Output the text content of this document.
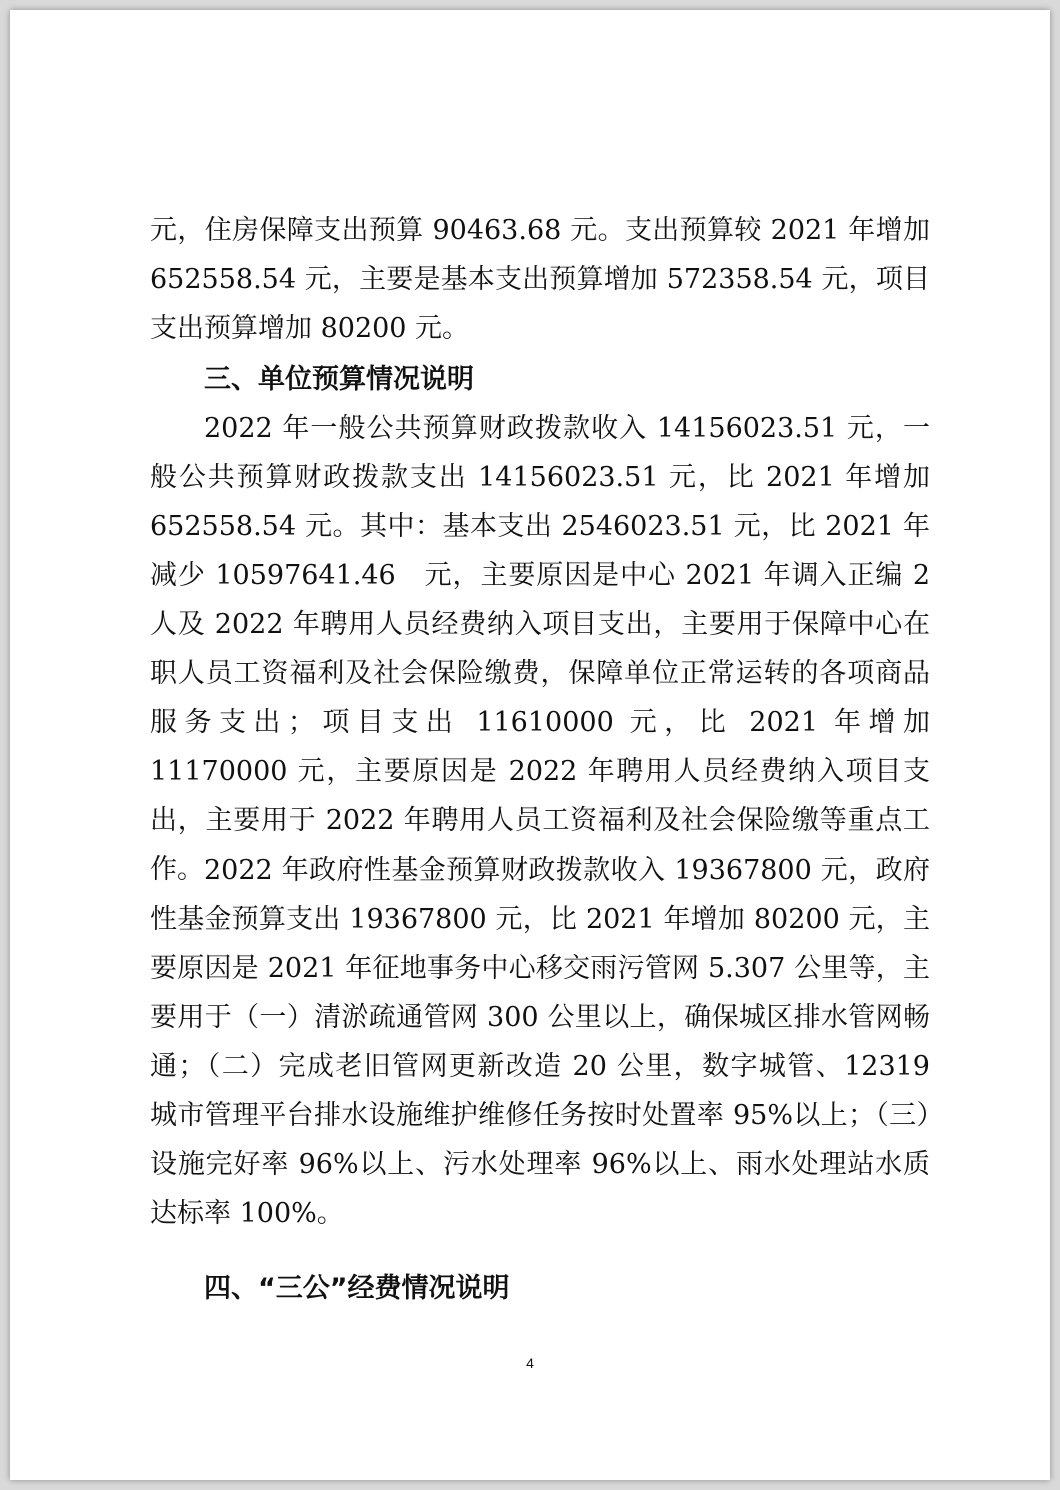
元，住房保障支出预算 90463.68 元。支出预算较 2021 年增加 652558.54 元，主要是基本支出预算增加 572358.54 元，项目支出预算增加 80200 元。

三、单位预算情况说明

2022 年一般公共预算财政拨款收入 14156023.51 元，一般公共预算财政拨款支出 14156023.51 元，比 2021 年增加 652558.54 元。其中：基本支出 2546023.51 元，比 2021 年减少 10597641.46　元，主要原因是中心 2021 年调入正编 2 人及 2022 年聘用人员经费纳入项目支出，主要用于保障中心在职人员工资福利及社会保险缴费，保障单位正常运转的各项商品服务支出；项目支出 11610000 元，比 2021 年增加 11170000 元，主要原因是 2022 年聘用人员经费纳入项目支出，主要用于 2022 年聘用人员工资福利及社会保险缴等重点工作。 2022 年政府性基金预算财政拨款收入 19367800 元，政府性基金预算支出 19367800 元，比 2021 年增加 80200 元，主要原因是 2021 年征地事务中心移交雨污管网 5.307 公里等，主要用于（一）清淤疏通管网 300 公里以上，确保城区排水管网畅通；（二）完成老旧管网更新改造 20 公里，数字城管、12319 城市管理平台排水设施维护维修任务按时处置率 95%以上；（三）设施完好率 96%以上、污水处理率 96%以上、雨水处理站水质达标率 100%。

四、“三公”经费情况说明

4
